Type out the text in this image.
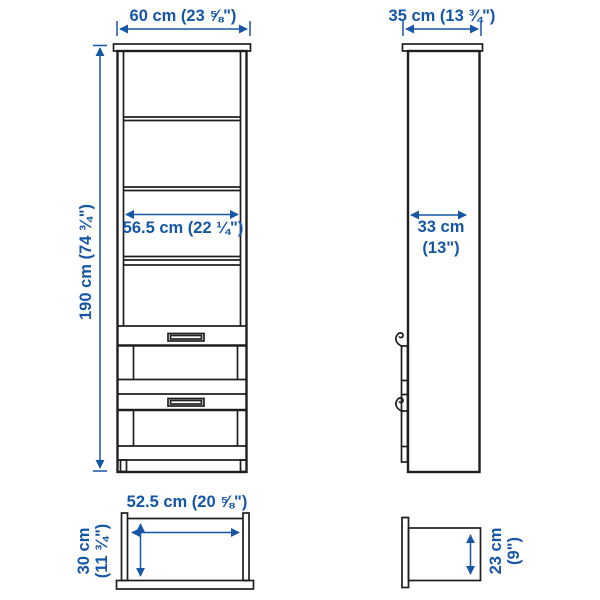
60 cm (23 ⅝")
190 cm (74 ¾") 56.5 cm (22 ¼")
35 cm (13 ¾")
33 cm
(13")
52.5 cm (20 ⅝")
30 cm (11 ¾")	23 cm (9")
